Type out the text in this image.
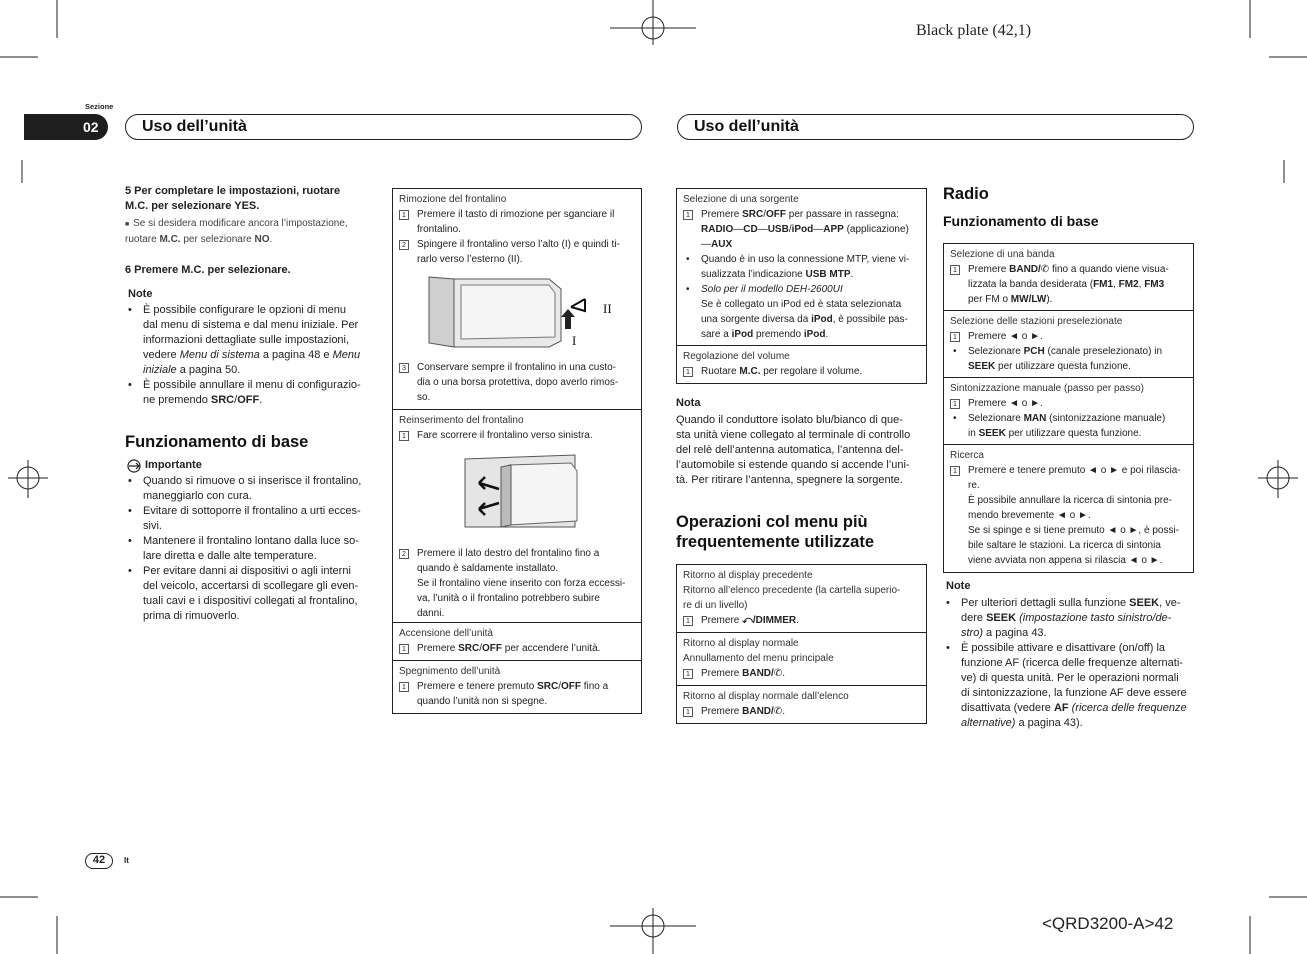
Black plate (42,1)
<QRD3200-A>42
Sezione
02	Uso dell’unità	Uso dell’unità
5 Per completare le impostazioni, ruotare
M.C. per selezionare YES.
■  Se si desidera modificare ancora l’impostazione,
ruotare M.C. per selezionare NO.
6 Premere M.C. per selezionare.
Note
•	È possibile configurare le opzioni di menu
dal menu di sistema e dal menu iniziale. Per
informazioni dettagliate sulle impostazioni,
vedere Menu di sistema a pagina 48 e Menu
iniziale a pagina 50.
•	È possibile annullare il menu di configurazio-
ne premendo SRC/OFF.
Funzionamento di base
Importante
•	Quando si rimuove o si inserisce il frontalino,
maneggiarlo con cura.
•	Evitare di sottoporre il frontalino a urti ecces-
sivi.
•	Mantenere il frontalino lontano dalla luce so-
lare diretta e dalle alte temperature.
•	Per evitare danni ai dispositivi o agli interni
del veicolo, accertarsi di scollegare gli even-
tuali cavi e i dispositivi collegati al frontalino,
prima di rimuoverlo.
Rimozione del frontalino
1	Premere il tasto di rimozione per sganciare il
frontalino.
2	Spingere il frontalino verso l’alto (I) e quindi ti-
rarlo verso l’esterno (II).
II
I
3	Conservare sempre il frontalino in una custo-
dia o una borsa protettiva, dopo averlo rimos-
so.
Reinserimento del frontalino
1	Fare scorrere il frontalino verso sinistra.
2	Premere il lato destro del frontalino fino a
quando è saldamente installato.
Se il frontalino viene inserito con forza eccessi-
va, l’unità o il frontalino potrebbero subire
danni.
Accensione dell’unità
1	Premere SRC/OFF per accendere l’unità.
Spegnimento dell’unità
1	Premere e tenere premuto SRC/OFF fino a
quando l’unità non si spegne.
Selezione di una sorgente
1	Premere SRC/OFF per passare in rassegna:
RADIO—CD—USB/iPod—APP (applicazione)
—AUX
•	Quando è in uso la connessione MTP, viene vi-
sualizzata l’indicazione USB MTP.
•	Solo per il modello DEH-2600UI
Se è collegato un iPod ed è stata selezionata
una sorgente diversa da iPod, è possibile pas-
sare a iPod premendo iPod.
Regolazione del volume
1	Ruotare M.C. per regolare il volume.
Nota
Quando il conduttore isolato blu/bianco di que-
sta unità viene collegato al terminale di controllo
del relè dell’antenna automatica, l’antenna del-
l’automobile si estende quando si accende l’uni-
tà. Per ritirare l’antenna, spegnere la sorgente.
Operazioni col menu più
frequentemente utilizzate
Ritorno al display precedente
Ritorno all’elenco precedente (la cartella superio-
re di un livello)
1	Premere ⤺/DIMMER.
Ritorno al display normale
Annullamento del menu principale
1	Premere BAND/✆.
Ritorno al display normale dall’elenco
1	Premere BAND/✆.
Radio
Funzionamento di base
Selezione di una banda
1	Premere BAND/✆ fino a quando viene visua-
lizzata la banda desiderata (FM1, FM2, FM3
per FM o MW/LW).
Selezione delle stazioni preselezionate
1	Premere ◄ o ►.
•	Selezionare PCH (canale preselezionato) in
SEEK per utilizzare questa funzione.
Sintonizzazione manuale (passo per passo)
1	Premere ◄ o ►.
•	Selezionare MAN (sintonizzazione manuale)
in SEEK per utilizzare questa funzione.
Ricerca
1	Premere e tenere premuto ◄ o ► e poi rilascia-
re.
È possibile annullare la ricerca di sintonia pre-
mendo brevemente ◄ o ►.
Se si spinge e si tiene premuto ◄ o ►, è possi-
bile saltare le stazioni. La ricerca di sintonia
viene avviata non appena si rilascia ◄ o ►.
Note
•	Per ulteriori dettagli sulla funzione SEEK, ve-
dere SEEK (impostazione tasto sinistro/de-
stro) a pagina 43.
•	È possibile attivare e disattivare (on/off) la
funzione AF (ricerca delle frequenze alternati-
ve) di questa unità. Per le operazioni normali
di sintonizzazione, la funzione AF deve essere
disattivata (vedere AF (ricerca delle frequenze
alternative) a pagina 43).
42	It
